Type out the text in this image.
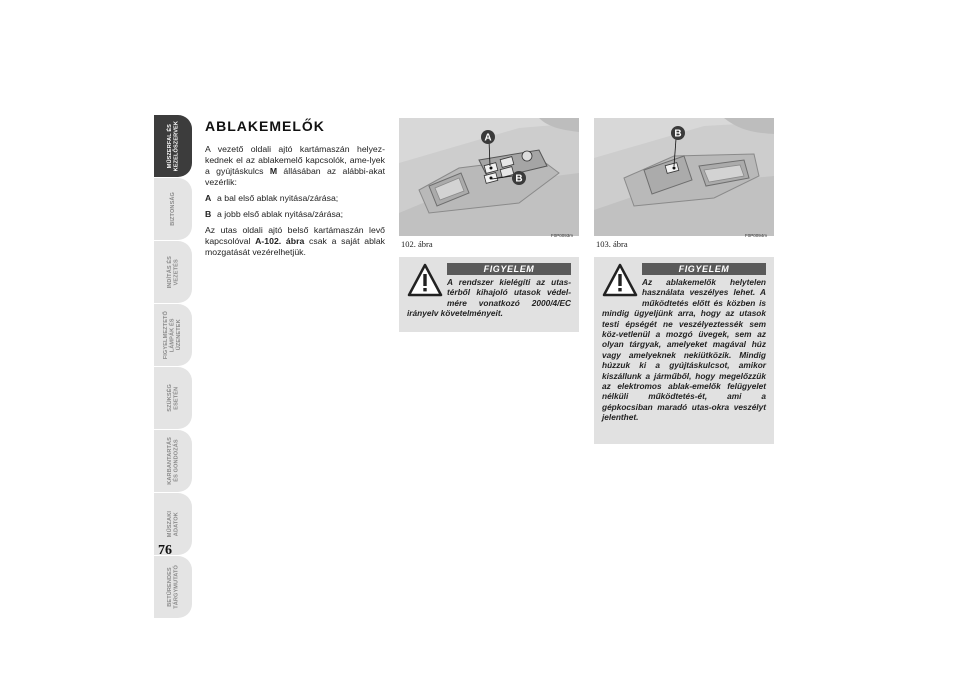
MŰSZERFAL ÉS
KEZELŐSZERVEK
BIZTONSÁG
INDÍTÁS ÉS
VEZETÉS
FIGYELMEZTETŐ
LÁMPÁK ÉS
ÜZENETEK
SZÜKSÉG
ESETÉN
KARBANTARTÁS
ÉS GONDOZÁS
MŰSZAKI
ADATOK
BETŰRENDES
TÁRGYMUTATÓ
76
ABLAKEMELŐK

A vezető oldali ajtó kartámaszán helyez-kednek el az ablakemelő kapcsolók, ame-lyek a gyújtáskulcs M állásában az alábbi-akat vezérlik:

A a bal első ablak nyitása/zárása;
B a jobb első ablak nyitása/zárása;

Az utas oldali ajtó belső kartámaszán levő kapcsolóval A-102. ábra csak a saját ablak mozgatását vezérelhetjük.

A
B
F0P0093m
102. ábra
B
F0P0094m
103. ábra
FIGYELEM
A rendszer kielégíti az utas-térből kihajoló utasok védel-mére vonatkozó 2000/4/EC irányelv követelményeit.
FIGYELEM
Az ablakemelők helytelen használata veszélyes lehet. A működtetés előtt és közben is mindig ügyeljünk arra, hogy az utasok testi épségét ne veszélyeztessék sem köz-vetlenül a mozgó üvegek, sem az olyan tárgyak, amelyeket magával húz vagy amelyeknek nekiütközik. Mindig húzzuk ki a gyújtáskulcsot, amikor kiszállunk a járműből, hogy megelőzzük az elektromos ablak-emelők felügyelet nélküli működtetés-ét, ami a gépkocsiban maradó utas-okra veszélyt jelenthet.
